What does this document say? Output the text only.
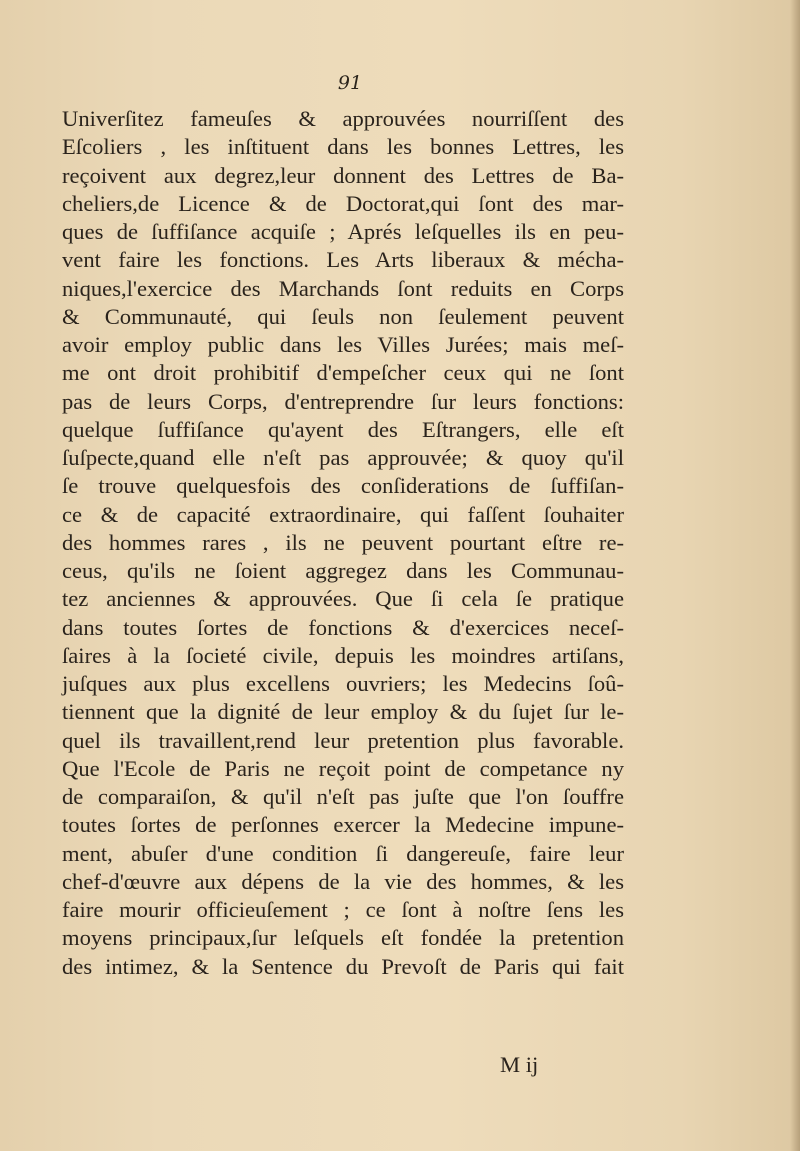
91
Univerſitez fameuſes & approuvées nourriſſent des
Eſcoliers , les inſtituent dans les bonnes Lettres, les
reçoivent aux degrez,leur donnent des Lettres de Ba-
cheliers,de Licence & de Doctorat,qui ſont des mar-
ques de ſuffiſance acquiſe ; Aprés leſquelles ils en peu-
vent faire les fonctions. Les Arts liberaux & mécha-
niques,l'exercice des Marchands ſont reduits en Corps
& Communauté, qui ſeuls non ſeulement peuvent
avoir employ public dans les Villes Jurées; mais meſ-
me ont droit prohibitif d'empeſcher ceux qui ne ſont
pas de leurs Corps, d'entreprendre ſur leurs fonctions:
quelque ſuffiſance qu'ayent des Eſtrangers, elle eſt
ſuſpecte,quand elle n'eſt pas approuvée; & quoy qu'il
ſe trouve quelquesfois des conſiderations de ſuffiſan-
ce & de capacité extraordinaire, qui faſſent ſouhaiter
des hommes rares , ils ne peuvent pourtant eſtre re-
ceus, qu'ils ne ſoient aggregez dans les Communau-
tez anciennes & approuvées. Que ſi cela ſe pratique
dans toutes ſortes de fonctions & d'exercices neceſ-
ſaires à la ſocieté civile, depuis les moindres artiſans,
juſques aux plus excellens ouvriers; les Medecins ſoû-
tiennent que la dignité de leur employ & du ſujet ſur le-
quel ils travaillent,rend leur pretention plus favorable.
Que l'Ecole de Paris ne reçoit point de competance ny
de comparaiſon, & qu'il n'eſt pas juſte que l'on ſouffre
toutes ſortes de perſonnes exercer la Medecine impune-
ment, abuſer d'une condition ſi dangereuſe, faire leur
chef-d'œuvre aux dépens de la vie des hommes, & les
faire mourir officieuſement ; ce ſont à noſtre ſens les
moyens principaux,ſur leſquels eſt fondée la pretention
des intimez, & la Sentence du Prevoſt de Paris qui fait
M ij
